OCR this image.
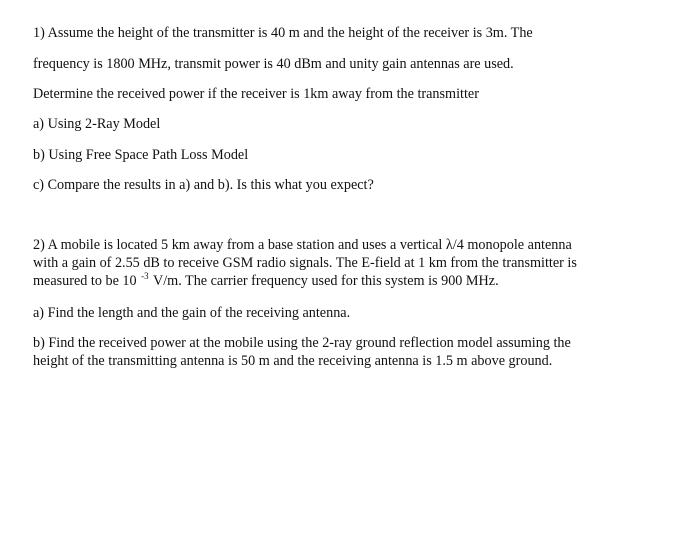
1) Assume the height of the transmitter is 40 m and the height of the receiver is 3m. The
frequency is 1800 MHz, transmit power is 40 dBm and unity gain antennas are used.
Determine the received power if the receiver is 1km away from the transmitter
a) Using 2-Ray Model
b) Using Free Space Path Loss Model
c) Compare the results in a) and b). Is this what you expect?
2) A mobile is located 5 km away from a base station and uses a vertical λ/4 monopole antenna
with a gain of 2.55 dB to receive GSM radio signals. The E-field at 1 km from the transmitter is
measured to be 10 $^{-3}$ V/m. The carrier frequency used for this system is 900 MHz.
a) Find the length and the gain of the receiving antenna.
b) Find the received power at the mobile using the 2-ray ground reflection model assuming the
height of the transmitting antenna is 50 m and the receiving antenna is 1.5 m above ground.
